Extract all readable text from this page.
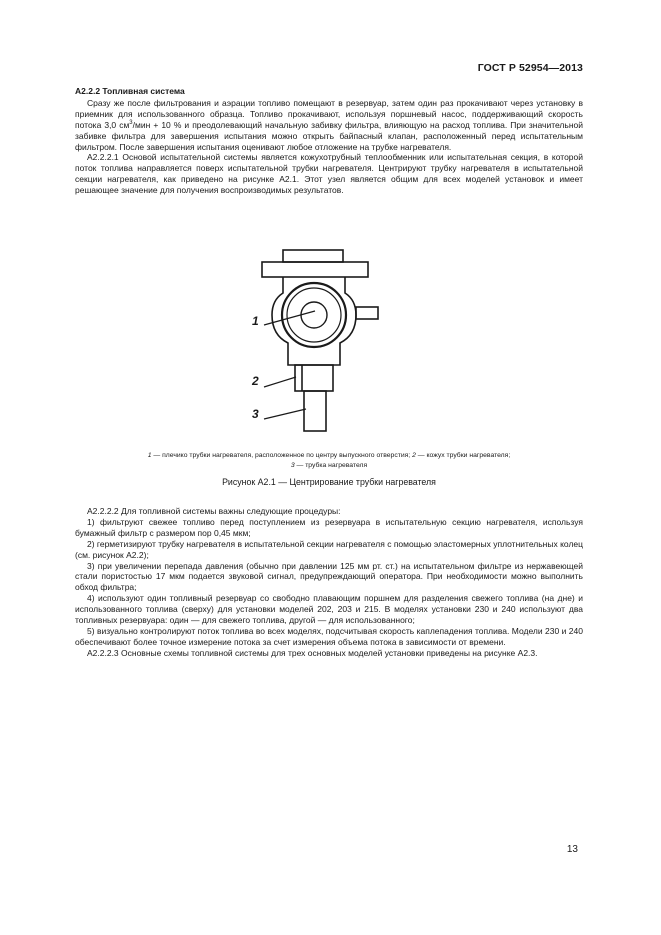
ГОСТ Р 52954—2013
А2.2.2 Топливная система

Сразу же после фильтрования и аэрации топливо помещают в резервуар, затем один раз прокачивают через установку в приемник для использованного образца. Топливо прокачивают, используя поршневый насос, поддерживающий скорость потока 3,0 $см^3$/мин + 10 % и преодолевающий начальную забивку фильтра, влияющую на расход топлива. При значительной забивке фильтра для завершения испытания можно открыть байпасный клапан, расположенный перед испытательным фильтром. После завершения испытания оценивают любое отложение на трубке нагревателя.

А2.2.2.1 Основой испытательной системы является кожухотрубный теплообменник или испытательная секция, в которой поток топлива направляется поверх испытательной трубки нагревателя. Центрируют трубку нагревателя в испытательной секции нагревателя, как приведено на рисунке А2.1. Этот узел является общим для всех моделей установок и имеет решающее значение для получения воспроизводимых результатов.

1
2
3
1 — плечико трубки нагревателя, расположенное по центру выпускного отверстия; 2 — кожух трубки нагревателя;
3 — трубка нагревателя
Рисунок А2.1 — Центрирование трубки нагревателя

А2.2.2.2 Для топливной системы важны следующие процедуры:

1) фильтруют свежее топливо перед поступлением из резервуара в испытательную секцию нагревателя, используя бумажный фильтр с размером пор 0,45 мкм;

2) герметизируют трубку нагревателя в испытательной секции нагревателя с помощью эластомерных уплотнительных колец (см. рисунок А2.2);

3) при увеличении перепада давления (обычно при давлении 125 мм рт. ст.) на испытательном фильтре из нержавеющей стали пористостью 17 мкм подается звуковой сигнал, предупреждающий оператора. При необходимости можно выполнить обход фильтра;

4) используют один топливный резервуар со свободно плавающим поршнем для разделения свежего топлива (на дне) и использованного топлива (сверху) для установки моделей 202, 203 и 215. В моделях установки 230 и 240 используют два топливных резервуара: один — для свежего топлива, другой — для использованного;

5) визуально контролируют поток топлива во всех моделях, подсчитывая скорость каплепадения топлива. Модели 230 и 240 обеспечивают более точное измерение потока за счет измерения объема потока в зависимости от времени.

А2.2.2.3 Основные схемы топливной системы для трех основных моделей установки приведены на рисунке А2.3.

13
